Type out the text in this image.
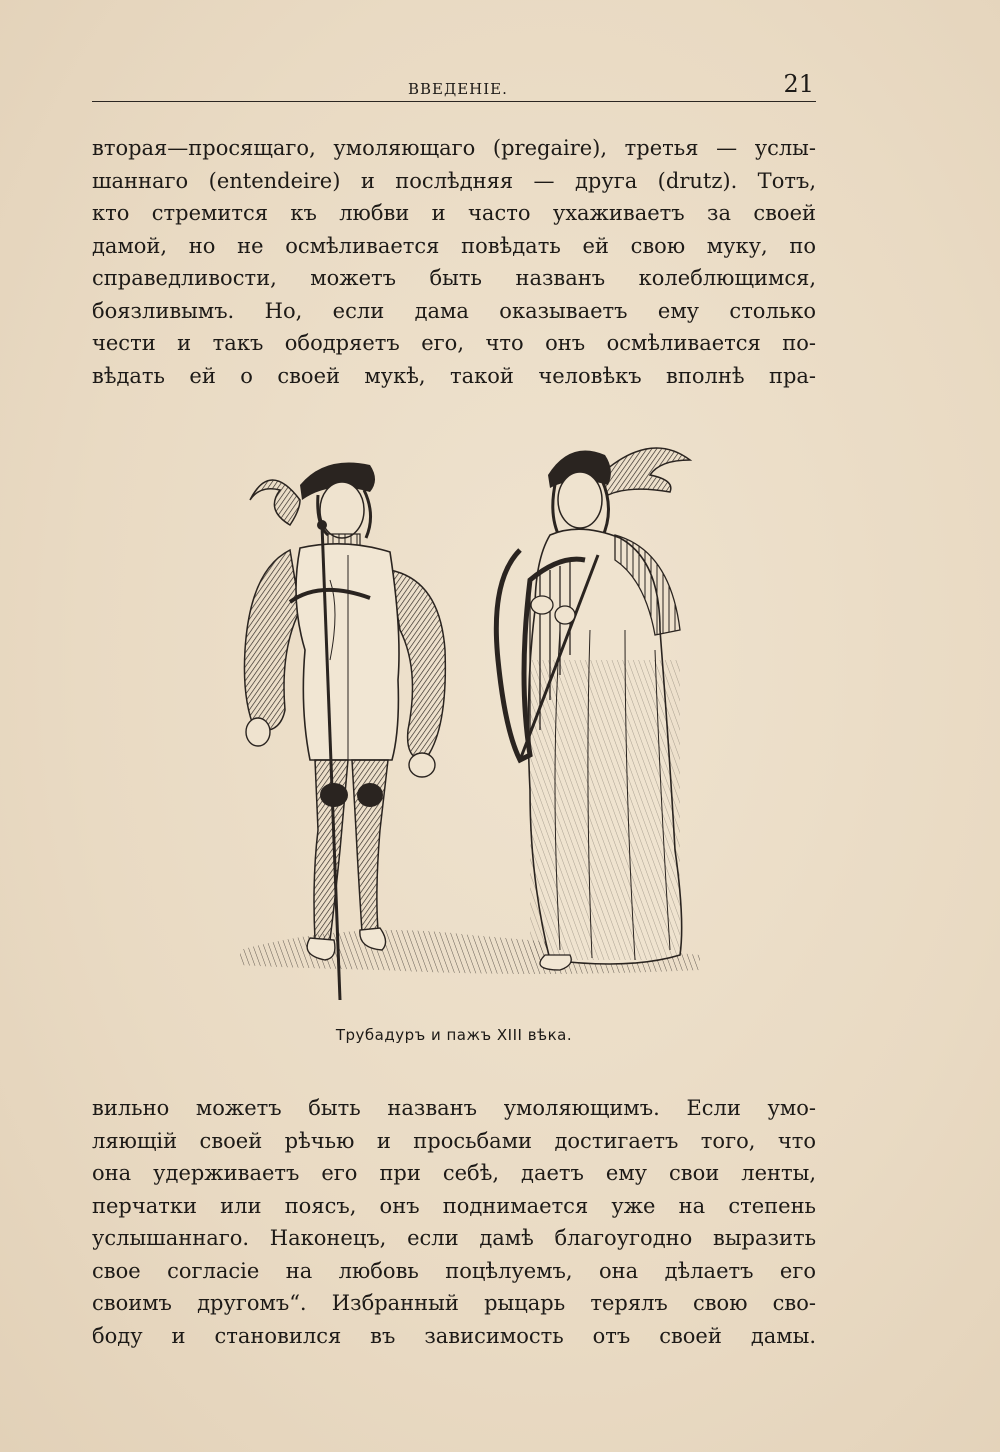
ВВЕДЕНIЕ.	21
вторая—просящаго, умоляющаго (pregaire), третья — услы-
шаннаго (entendeire) и послѣдняя — друга (drutz). Тотъ,
кто стремится къ любви и часто ухаживаетъ за своей
дамой, но не осмѣливается повѣдать ей свою муку, по
справедливости, можетъ быть названъ колеблющимся,
боязливымъ. Но, если дама оказываетъ ему столько
чести и такъ ободряетъ его, что онъ осмѣливается по-
вѣдать ей о своей мукѣ, такой человѣкъ вполнѣ пра-
Трубадуръ и пажъ XIII вѣка.
вильно можетъ быть названъ умоляющимъ. Если умо-
ляющiй своей рѣчью и просьбами достигаетъ того, что
она удерживаетъ его при себѣ, даетъ ему свои ленты,
перчатки или поясъ, онъ поднимается уже на степень
услышаннаго. Наконецъ, если дамѣ благоугодно выразить
свое согласiе на любовь поцѣлуемъ, она дѣлаетъ его
своимъ другомъ“. Избранный рыцарь терялъ свою сво-
боду и становился въ зависимость отъ своей дамы.
